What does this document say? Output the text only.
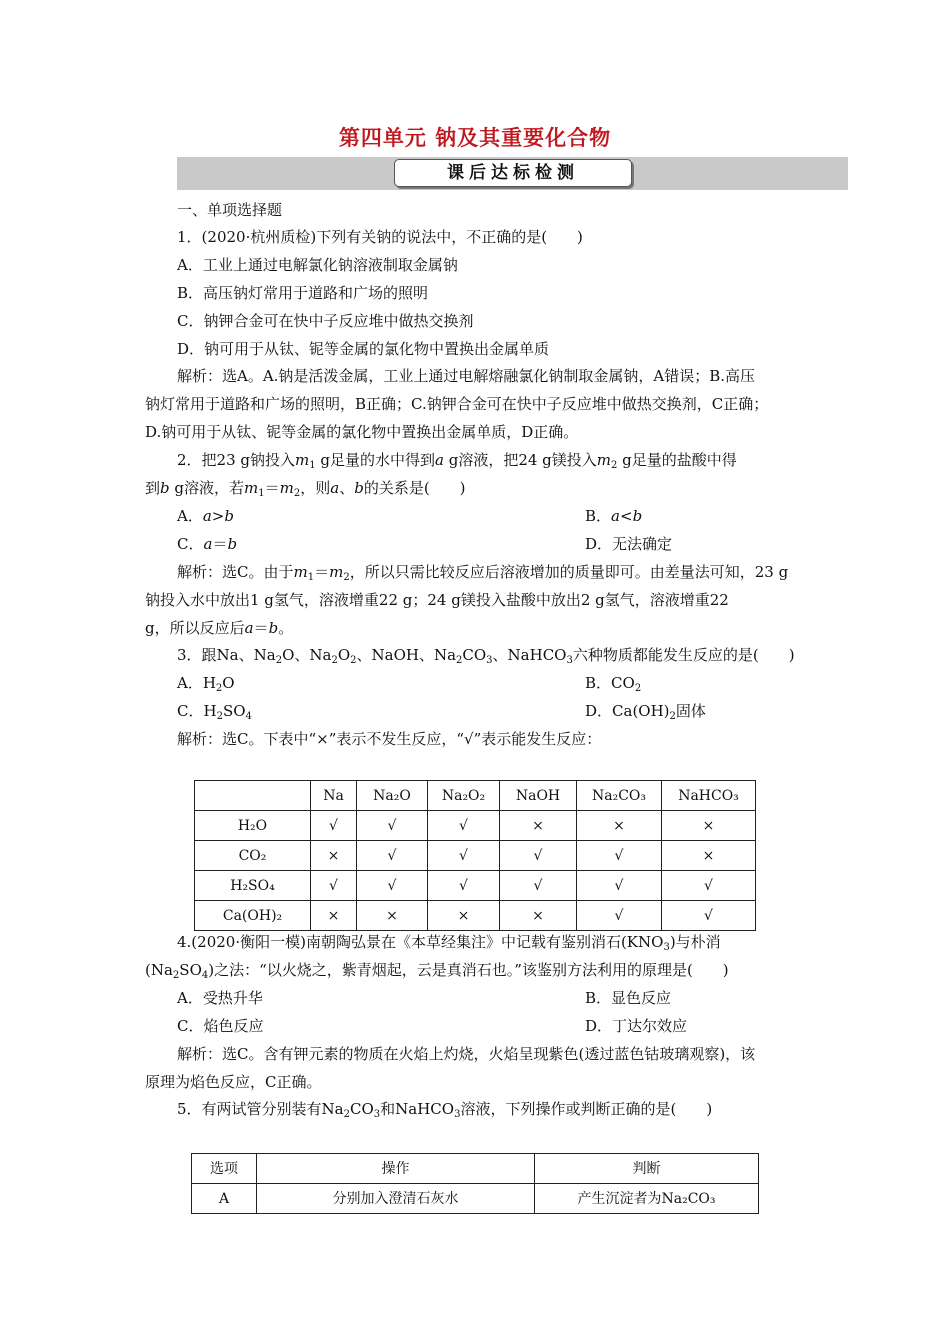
第四单元 钠及其重要化合物
课后达标检测
一、单项选择题
1．(2020·杭州质检)下列有关钠的说法中，不正确的是(　　)
A．工业上通过电解氯化钠溶液制取金属钠
B．高压钠灯常用于道路和广场的照明
C．钠钾合金可在快中子反应堆中做热交换剂
D．钠可用于从钛、铌等金属的氯化物中置换出金属单质
解析：选A。A.钠是活泼金属，工业上通过电解熔融氯化钠制取金属钠，A错误；B.高压
钠灯常用于道路和广场的照明，B正确；C.钠钾合金可在快中子反应堆中做热交换剂，C正确；
D.钠可用于从钛、铌等金属的氯化物中置换出金属单质，D正确。
2．把23 g钠投入$m_1$ g足量的水中得到a g溶液，把24 g镁投入$m_2$ g足量的盐酸中得
到b g溶液，若$m_1=m_2$，则a、b的关系是(　　)
A．a>b	B．a<b
C．a＝b	D．无法确定
解析：选C。由于$m_1=m_2$，所以只需比较反应后溶液增加的质量即可。由差量法可知，23 g
钠投入水中放出1 g氢气，溶液增重22 g；24 g镁投入盐酸中放出2 g氢气，溶液增重22
g，所以反应后a＝b。
3．跟Na、$Na_2O$、$Na_2O_2$、NaOH、$Na_2CO_3$、NaHCO$_3$六种物质都能发生反应的是(　　)
A．$H_2O$	B．$CO_2$
C．$H_2SO_4$	D．$Ca(OH)_2$固体
解析：选C。下表中“×”表示不发生反应，“√”表示能发生反应：
	Na	Na₂O	Na₂O₂	NaOH	Na₂CO₃	NaHCO₃
H₂O	√	√	√	×	×	×
CO₂	×	√	√	√	√	×
H₂SO₄	√	√	√	√	√	√
Ca(OH)₂	×	×	×	×	√	√
4.(2020·衡阳一模)南朝陶弘景在《本草经集注》中记载有鉴别消石$(KNO_3)$与朴消
$(Na_2SO_4)$之法：“以火烧之，紫青烟起，云是真消石也。”该鉴别方法利用的原理是(　　)
A．受热升华	B．显色反应
C．焰色反应	D．丁达尔效应
解析：选C。含有钾元素的物质在火焰上灼烧，火焰呈现紫色(透过蓝色钴玻璃观察)，该
原理为焰色反应，C正确。
5．有两试管分别装有$Na_2CO_3$和NaHCO$_3$溶液，下列操作或判断正确的是(　　)
选项	操作	判断
A	分别加入澄清石灰水	产生沉淀者为Na₂CO₃
